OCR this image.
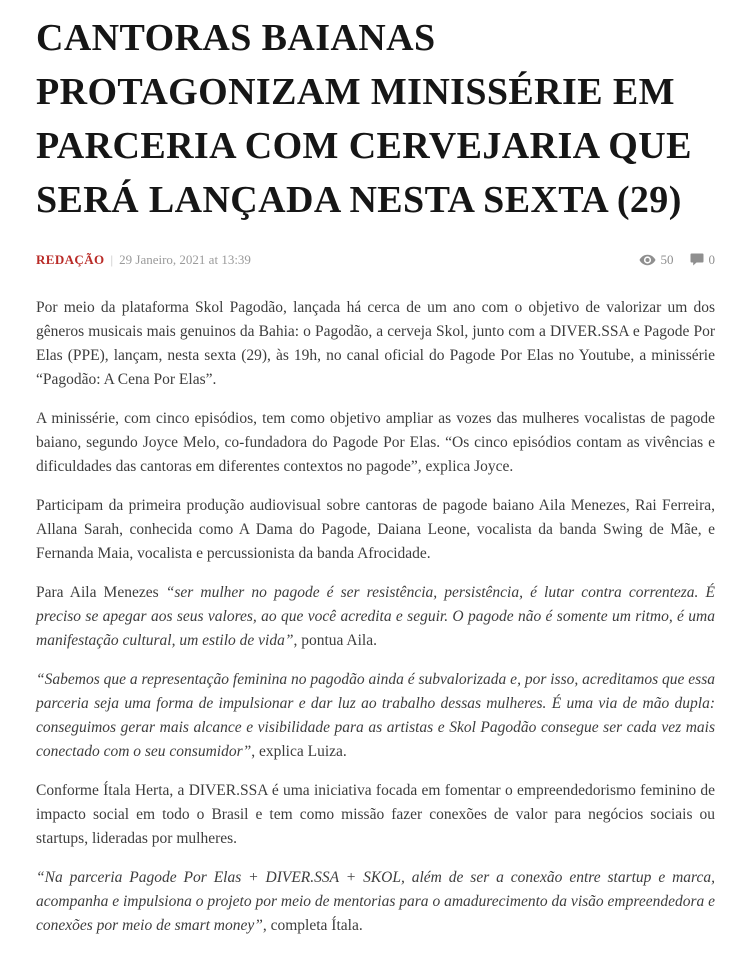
CANTORAS BAIANAS PROTAGONIZAM MINISSÉRIE EM PARCERIA COM CERVEJARIA QUE SERÁ LANÇADA NESTA SEXTA (29)
REDAÇÃO | 29 Janeiro, 2021 at 13:39	50	0

Por meio da plataforma Skol Pagodão, lançada há cerca de um ano com o objetivo de valorizar um dos gêneros musicais mais genuinos da Bahia: o Pagodão, a cerveja Skol, junto com a DIVER.SSA e Pagode Por Elas (PPE), lançam, nesta sexta (29), às 19h, no canal oficial do Pagode Por Elas no Youtube, a minissérie “Pagodão: A Cena Por Elas”.

A minissérie, com cinco episódios, tem como objetivo ampliar as vozes das mulheres vocalistas de pagode baiano, segundo Joyce Melo, co-fundadora do Pagode Por Elas. “Os cinco episódios contam as vivências e dificuldades das cantoras em diferentes contextos no pagode”, explica Joyce.

Participam da primeira produção audiovisual sobre cantoras de pagode baiano Aila Menezes, Rai Ferreira, Allana Sarah, conhecida como A Dama do Pagode, Daiana Leone, vocalista da banda Swing de Mãe, e Fernanda Maia, vocalista e percussionista da banda Afrocidade.

Para Aila Menezes “ser mulher no pagode é ser resistência, persistência, é lutar contra correnteza. É preciso se apegar aos seus valores, ao que você acredita e seguir. O pagode não é somente um ritmo, é uma manifestação cultural, um estilo de vida”, pontua Aila.

“Sabemos que a representação feminina no pagodão ainda é subvalorizada e, por isso, acreditamos que essa parceria seja uma forma de impulsionar e dar luz ao trabalho dessas mulheres. É uma via de mão dupla: conseguimos gerar mais alcance e visibilidade para as artistas e Skol Pagodão consegue ser cada vez mais conectado com o seu consumidor”, explica Luiza.

Conforme Ítala Herta, a DIVER.SSA é uma iniciativa focada em fomentar o empreendedorismo feminino de impacto social em todo o Brasil e tem como missão fazer conexões de valor para negócios sociais ou startups, lideradas por mulheres.

“Na parceria Pagode Por Elas + DIVER.SSA + SKOL, além de ser a conexão entre startup e marca, acompanha e impulsiona o projeto por meio de mentorias para o amadurecimento da visão empreendedora e conexões por meio de smart money”, completa Ítala.
